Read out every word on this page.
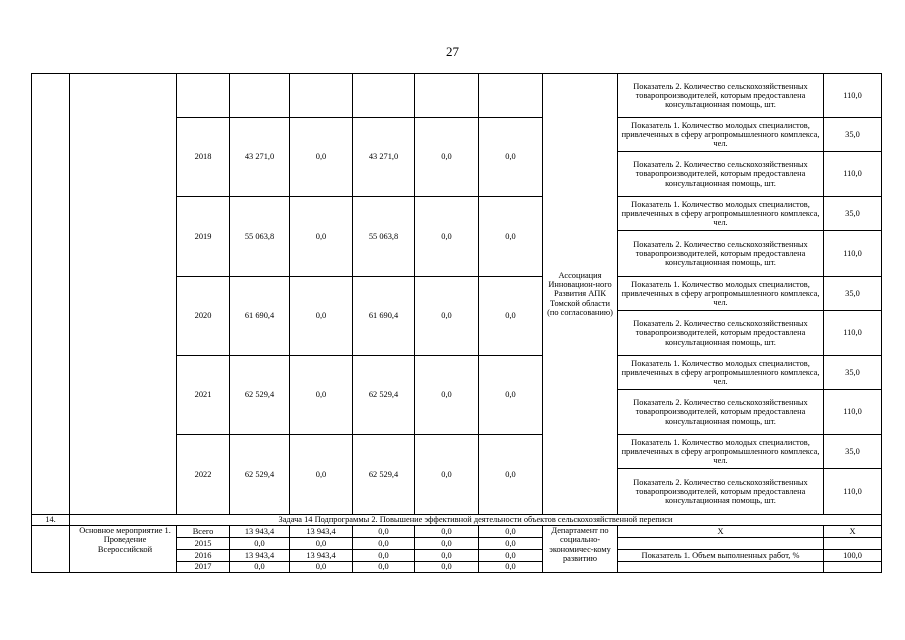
27
								Ассоциация Инновацион-ного Развития АПК Томской области (по согласованию)	Показатель 2. Количество сельскохозяйственных товаропроизводителей, которым предоставлена консультационная помощь, шт.	110,0
		2018	43 271,0	0,0	43 271,0	0,0	0,0		Показатель 1. Количество молодых специалистов, привлеченных в сферу агропромышленного комплекса, чел.	35,0
									Показатель 2. Количество сельскохозяйственных товаропроизводителей, которым предоставлена консультационная помощь, шт.	110,0
		2019	55 063,8	0,0	55 063,8	0,0	0,0		Показатель 1. Количество молодых специалистов, привлеченных в сферу агропромышленного комплекса, чел.	35,0
									Показатель 2. Количество сельскохозяйственных товаропроизводителей, которым предоставлена консультационная помощь, шт.	110,0
		2020	61 690,4	0,0	61 690,4	0,0	0,0		Показатель 1. Количество молодых специалистов, привлеченных в сферу агропромышленного комплекса, чел.	35,0
									Показатель 2. Количество сельскохозяйственных товаропроизводителей, которым предоставлена консультационная помощь, шт.	110,0
		2021	62 529,4	0,0	62 529,4	0,0	0,0		Показатель 1. Количество молодых специалистов, привлеченных в сферу агропромышленного комплекса, чел.	35,0
									Показатель 2. Количество сельскохозяйственных товаропроизводителей, которым предоставлена консультационная помощь, шт.	110,0
		2022	62 529,4	0,0	62 529,4	0,0	0,0		Показатель 1. Количество молодых специалистов, привлеченных в сферу агропромышленного комплекса, чел.	35,0
									Показатель 2. Количество сельскохозяйственных товаропроизводителей, которым предоставлена консультационная помощь, шт.	110,0
14.	Задача 14 Подпрограммы 2. Повышение эффективной деятельности объектов сельскохозяйственной переписи									
	Основное мероприятие 1. Проведение Всероссийской	Всего	13 943,4	13 943,4	0,0	0,0	0,0	Департамент по социально-экономичес-кому развитию	Х	Х
		2015	0,0	0,0	0,0	0,0	0,0			
		2016	13 943,4	13 943,4	0,0	0,0	0,0		Показатель 1. Объем выполненных работ, %	100,0
		2017	0,0	0,0	0,0	0,0	0,0			
